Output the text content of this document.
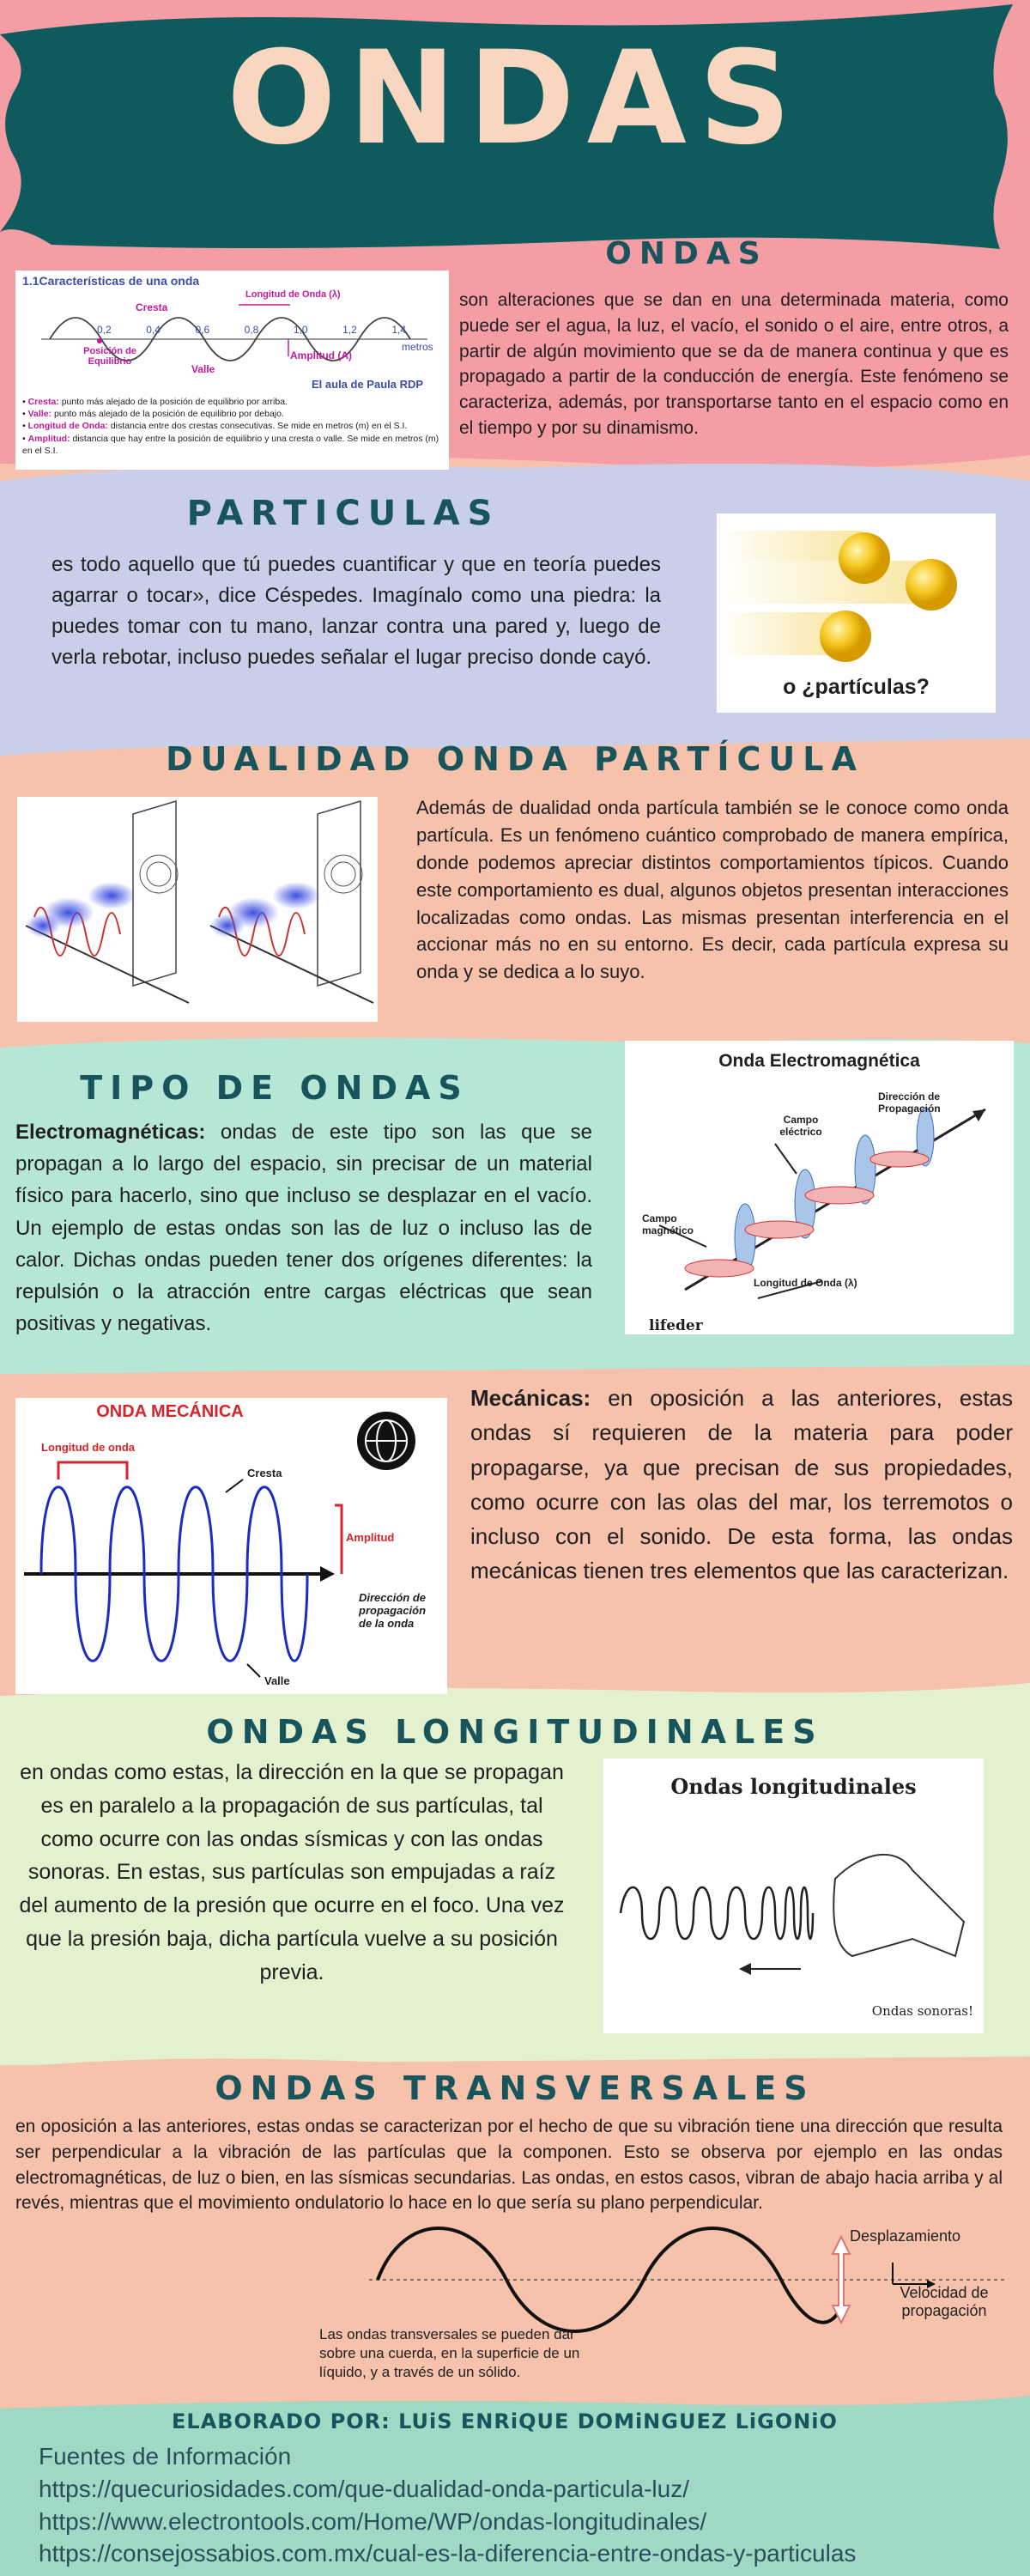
ONDAS
ONDAS
1.1Características de una onda
Cresta
Longitud de Onda (λ)
Posición de Equilibrio
Valle
Amplitud (A)
metros
El aula de Paula RDP
0,2	0,4	0,6	0,8	1,0	1,2	1,4
• Cresta: punto más alejado de la posición de equilibrio por arriba.
• Valle: punto más alejado de la posición de equilibrio por debajo.
• Longitud de Onda: distancia entre dos crestas consecutivas. Se mide en metros (m) en el S.I.
• Amplitud: distancia que hay entre la posición de equilibrio y una cresta o valle. Se mide en metros (m) en el S.I.
son alteraciones que se dan en una determinada materia, como puede ser el agua, la luz, el vacío, el sonido o el aire, entre otros, a partir de algún movimiento que se da de manera continua y que es propagado a partir de la conducción de energía. Este fenómeno se caracteriza, además, por transportarse tanto en el espacio como en el tiempo y por su dinamismo.
PARTICULAS
es todo aquello que tú puedes cuantificar y que en teoría puedes agarrar o tocar», dice Céspedes. Imagínalo como una piedra: la puedes tomar con tu mano, lanzar contra una pared y, luego de verla rebotar, incluso puedes señalar el lugar preciso donde cayó.
o ¿partículas?
DUALIDAD ONDA PARTÍCULA
Además de dualidad onda partícula también se le conoce como onda partícula. Es un fenómeno cuántico comprobado de manera empírica, donde podemos apreciar distintos comportamientos típicos. Cuando este comportamiento es dual, algunos objetos presentan interacciones localizadas como ondas. Las mismas presentan interferencia en el accionar más no en su entorno. Es decir, cada partícula expresa su onda y se dedica a lo suyo.
TIPO DE ONDAS
Electromagnéticas: ondas de este tipo son las que se propagan a lo largo del espacio, sin precisar de un material físico para hacerlo, sino que incluso se desplazar en el vacío. Un ejemplo de estas ondas son las de luz o incluso las de calor. Dichas ondas pueden tener dos orígenes diferentes: la repulsión o la atracción entre cargas eléctricas que sean positivas y negativas.
Onda Electromagnética
Dirección de Propagación
Campo eléctrico
Campo magnético
Longitud de Onda (λ)
lifeder
ONDA MECÁNICA
Longitud de onda
Cresta
Amplitud
Dirección de propagación de la onda
Valle
Mecánicas: en oposición a las anteriores, estas ondas sí requieren de la materia para poder propagarse, ya que precisan de sus propiedades, como ocurre con las olas del mar, los terremotos o incluso con el sonido. De esta forma, las ondas mecánicas tienen tres elementos que las caracterizan.
ONDAS LONGITUDINALES
en ondas como estas, la dirección en la que se propagan es en paralelo a la propagación de sus partículas, tal como ocurre con las ondas sísmicas y con las ondas sonoras. En estas, sus partículas son empujadas a raíz del aumento de la presión que ocurre en el foco. Una vez que la presión baja, dicha partícula vuelve a su posición previa.
Ondas longitudinales
Ondas sonoras!
ONDAS TRANSVERSALES
en oposición a las anteriores, estas ondas se caracterizan por el hecho de que su vibración tiene una dirección que resulta ser perpendicular a la vibración de las partículas que la componen. Esto se observa por ejemplo en las ondas electromagnéticas, de luz o bien, en las sísmicas secundarias. Las ondas, en estos casos, vibran de abajo hacia arriba y al revés, mientras que el movimiento ondulatorio lo hace en lo que sería su plano perpendicular.
Desplazamiento
Velocidad de propagación
Las ondas transversales se pueden dar sobre una cuerda, en la superficie de un líquido, y a través de un sólido.
ELABORADO POR: LUiS ENRiQUE DOMiNGUEZ LiGONiO
Fuentes de Información
https://quecuriosidades.com/que-dualidad-onda-particula-luz/
https://www.electrontools.com/Home/WP/ondas-longitudinales/
https://consejossabios.com.mx/cual-es-la-diferencia-entre-ondas-y-particulas
